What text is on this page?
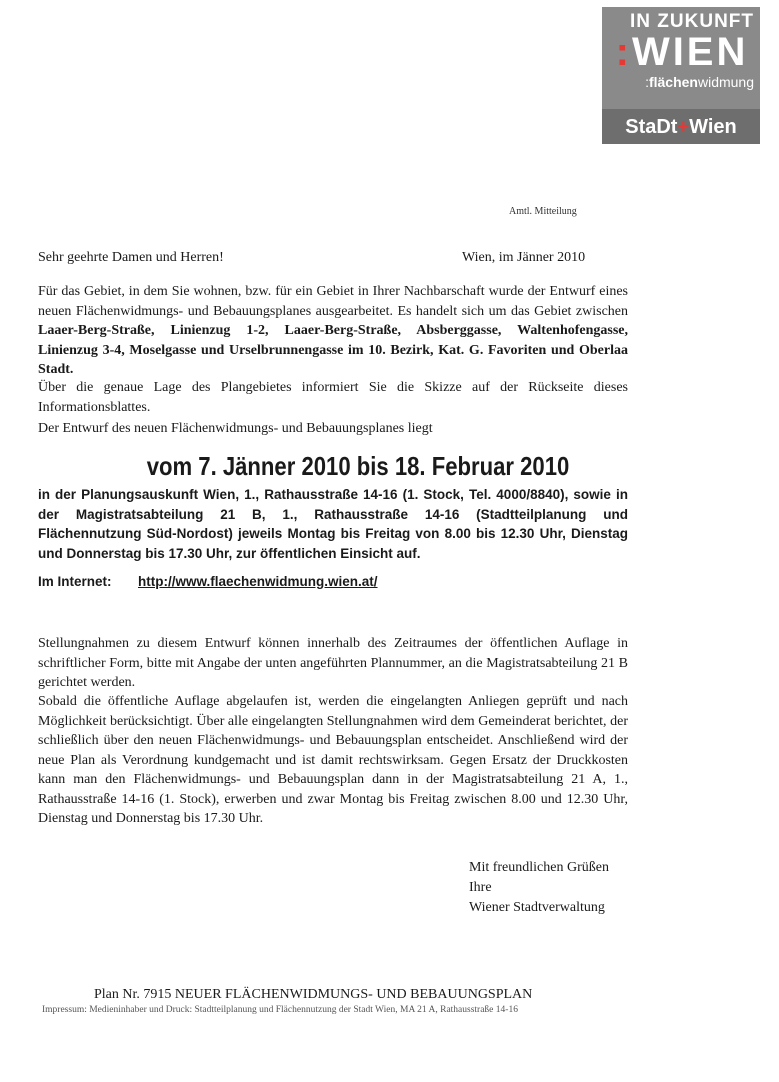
IN ZUKUNFT
:WIEN
:flächenwidmung
StaDt+Wien
Amtl. Mitteilung
Sehr geehrte Damen und Herren!	Wien, im Jänner 2010
Für das Gebiet, in dem Sie wohnen, bzw. für ein Gebiet in Ihrer Nachbarschaft wurde der Entwurf eines neuen Flächenwidmungs- und Bebauungsplanes ausgearbeitet. Es handelt sich um das Gebiet zwischen Laaer-Berg-Straße, Linienzug 1-2, Laaer-Berg-Straße, Absberggasse, Waltenhofengasse, Linienzug 3-4, Moselgasse und Urselbrunnengasse im 10. Bezirk, Kat. G. Favoriten und Oberlaa Stadt.
Über die genaue Lage des Plangebietes informiert Sie die Skizze auf der Rückseite dieses Informationsblattes.
Der Entwurf des neuen Flächenwidmungs- und Bebauungsplanes liegt
vom 7. Jänner 2010 bis 18. Februar 2010
in der Planungsauskunft Wien, 1., Rathausstraße 14-16 (1. Stock, Tel. 4000/8840), sowie in der Magistratsabteilung 21 B, 1., Rathausstraße 14-16 (Stadtteilplanung und Flächennutzung Süd-Nordost) jeweils Montag bis Freitag von 8.00 bis 12.30 Uhr, Dienstag und Donnerstag bis 17.30 Uhr, zur öffentlichen Einsicht auf.
Im Internet: http://www.flaechenwidmung.wien.at/
Stellungnahmen zu diesem Entwurf können innerhalb des Zeitraumes der öffentlichen Auflage in schriftlicher Form, bitte mit Angabe der unten angeführten Plannummer, an die Magistratsabteilung 21 B gerichtet werden.
Sobald die öffentliche Auflage abgelaufen ist, werden die eingelangten Anliegen geprüft und nach Möglichkeit berücksichtigt. Über alle eingelangten Stellungnahmen wird dem Gemeinderat berichtet, der schließlich über den neuen Flächenwidmungs- und Bebauungsplan entscheidet. Anschließend wird der neue Plan als Verordnung kundgemacht und ist damit rechtswirksam. Gegen Ersatz der Druckkosten kann man den Flächenwidmungs- und Bebauungsplan dann in der Magistratsabteilung 21 A, 1., Rathausstraße 14-16 (1. Stock), erwerben und zwar Montag bis Freitag zwischen 8.00 und 12.30 Uhr, Dienstag und Donnerstag bis 17.30 Uhr.
Mit freundlichen Grüßen
Ihre
Wiener Stadtverwaltung
Plan Nr. 7915 NEUER FLÄCHENWIDMUNGS- UND BEBAUUNGSPLAN
Impressum: Medieninhaber und Druck: Stadtteilplanung und Flächennutzung der Stadt Wien, MA 21 A, Rathausstraße 14-16
